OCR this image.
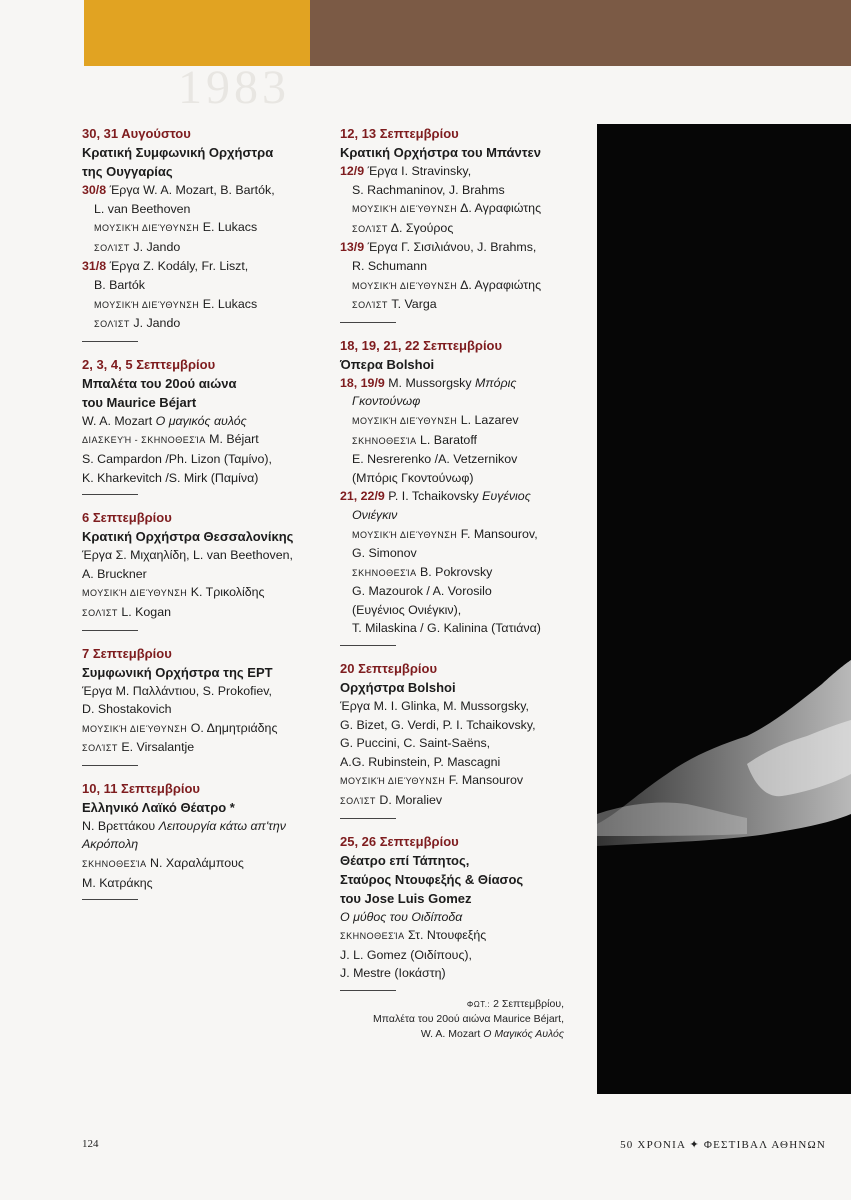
1983
30, 31 Αυγούστου
Κρατική Συμφωνική Ορχήστρα
της Ουγγαρίας
30/8 Έργα W. A. Mozart, B. Bartók,
L. van Beethoven
ΜΟΥΣΙΚΉ ΔΙΕΎΘΥΝΣΗ E. Lukacs
ΣΟΛΊΣΤ J. Jando
31/8 Έργα Z. Kodály, Fr. Liszt,
B. Bartók
ΜΟΥΣΙΚΉ ΔΙΕΎΘΥΝΣΗ E. Lukacs
ΣΟΛΊΣΤ J. Jando
2, 3, 4, 5 Σεπτεμβρίου
Μπαλέτα του 20ού αιώνα
του Maurice Béjart
W. A. Mozart Ο μαγικός αυλός
ΔΙΑΣΚΕΥΉ - ΣΚΗΝΟΘΕΣΊΑ M. Béjart
S. Campardon /Ph. Lizon (Ταμίνο),
K. Kharkevitch /S. Mirk (Παμίνα)
6 Σεπτεμβρίου
Κρατική Ορχήστρα Θεσσαλονίκης
Έργα Σ. Μιχαηλίδη, L. van Beethoven,
A. Bruckner
ΜΟΥΣΙΚΉ ΔΙΕΎΘΥΝΣΗ Κ. Τρικολίδης
ΣΟΛΊΣΤ L. Kogan
7 Σεπτεμβρίου
Συμφωνική Ορχήστρα της ΕΡΤ
Έργα Μ. Παλλάντιου, S. Prokofiev,
D. Shostakovich
ΜΟΥΣΙΚΉ ΔΙΕΎΘΥΝΣΗ Ο. Δημητριάδης
ΣΟΛΊΣΤ E. Virsalantje
10, 11 Σεπτεμβρίου
Ελληνικό Λαϊκό Θέατρο *
Ν. Βρεττάκου Λειτουργία κάτω απ'την
Ακρόπολη
ΣΚΗΝΟΘΕΣΊΑ Ν. Χαραλάμπους
Μ. Κατράκης
12, 13 Σεπτεμβρίου
Κρατική Ορχήστρα του Μπάντεν
12/9 Έργα I. Stravinsky,
S. Rachmaninov, J. Brahms
ΜΟΥΣΙΚΉ ΔΙΕΎΘΥΝΣΗ Δ. Αγραφιώτης
ΣΟΛΊΣΤ Δ. Σγούρος
13/9 Έργα Γ. Σισιλιάνου, J. Brahms,
R. Schumann
ΜΟΥΣΙΚΉ ΔΙΕΎΘΥΝΣΗ Δ. Αγραφιώτης
ΣΟΛΊΣΤ T. Varga
18, 19, 21, 22 Σεπτεμβρίου
Όπερα Bolshoi
18, 19/9 M. Mussorgsky Μπόρις
Γκοντούνωφ
ΜΟΥΣΙΚΉ ΔΙΕΎΘΥΝΣΗ L. Lazarev
ΣΚΗΝΟΘΕΣΊΑ L. Baratoff
E. Nesrerenko /A. Vetzernikov
(Μπόρις Γκοντούνωφ)
21, 22/9 P. I. Tchaikovsky Ευγένιος
Ονιέγκιν
ΜΟΥΣΙΚΉ ΔΙΕΎΘΥΝΣΗ F. Mansourov,
G. Simonov
ΣΚΗΝΟΘΕΣΊΑ B. Pokrovsky
G. Mazourok / A. Vorosilo
(Ευγένιος Ονιέγκιν),
T. Milaskina / G. Kalinina (Τατιάνα)
20 Σεπτεμβρίου
Ορχήστρα Bolshoi
Έργα M. I. Glinka, M. Mussorgsky,
G. Bizet, G. Verdi, P. I. Tchaikovsky,
G. Puccini, C. Saint-Saëns,
A.G. Rubinstein, P. Mascagni
ΜΟΥΣΙΚΉ ΔΙΕΎΘΥΝΣΗ F. Mansourov
ΣΟΛΊΣΤ D. Moraliev
25, 26 Σεπτεμβρίου
Θέατρο επί Τάπητος,
Σταύρος Ντουφεξής & Θίασος
του Jose Luis Gomez
Ο μύθος του Οιδίποδα
ΣΚΗΝΟΘΕΣΊΑ Στ. Ντουφεξής
J. L. Gomez (Οιδίπους),
J. Mestre (Ιοκάστη)
ΦΩΤ.: 2 Σεπτεμβρίου,
Μπαλέτα του 20ού αιώνα Maurice Béjart,
W. A. Mozart Ο Μαγικός Αυλός
124	50 ΧΡΟΝΙΑ ✦ ΦΕΣΤΙΒΑΛ ΑΘΗΝΩΝ
